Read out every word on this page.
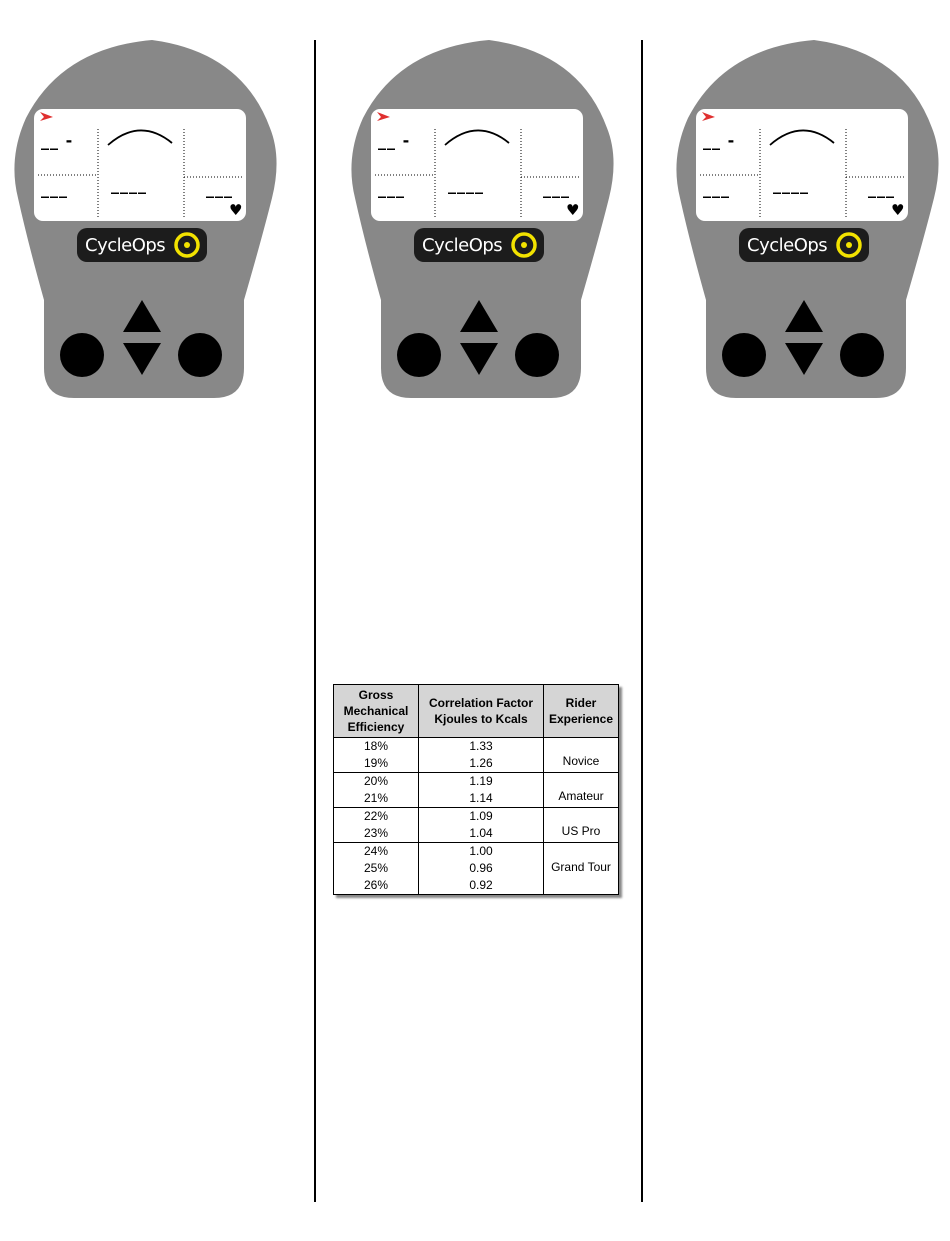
__ -
___	____	___
♥
CycleOps
__ -
___	____	___
♥
CycleOps
__ -
___	____	___
♥
CycleOps
Gross Mechanical Efficiency	Correlation Factor Kjoules to Kcals	Rider Experience
18%	1.33	Novice
19%	1.26	
20%	1.19	Amateur
21%	1.14	
22%	1.09	US Pro
23%	1.04	
24%	1.00	Grand Tour
25%	0.96	
26%	0.92	
